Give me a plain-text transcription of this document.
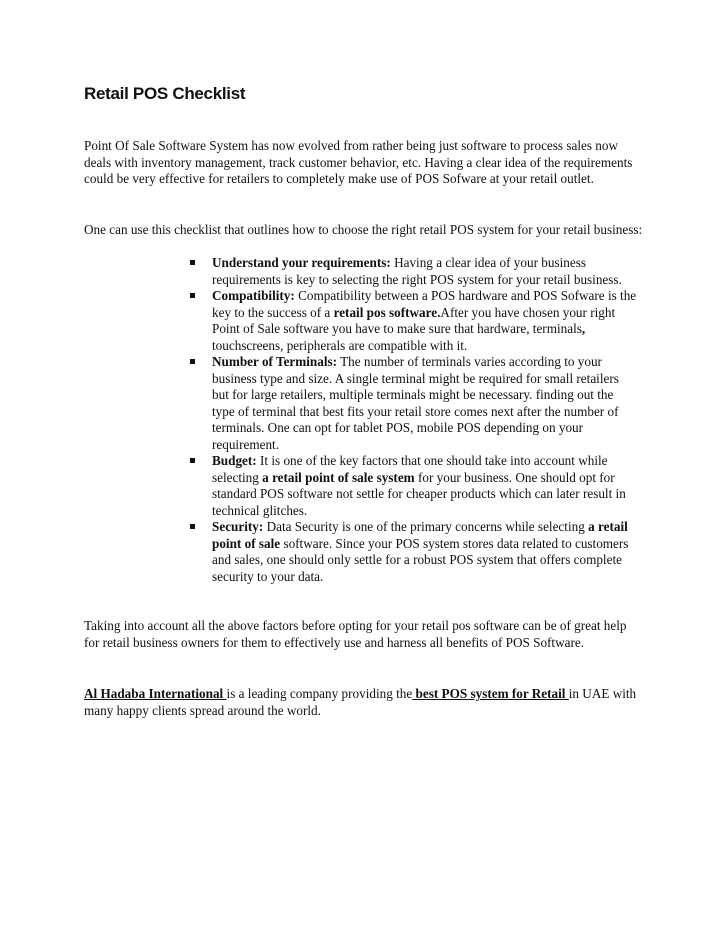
Retail POS Checklist
Point Of Sale Software System has now evolved from rather being just software to process sales now deals with inventory management, track customer behavior, etc. Having a clear idea of the requirements could be very effective for retailers to completely make use of POS Sofware at your retail outlet.
One can use this checklist that outlines how to choose the right retail POS system for your retail business:
Understand your requirements: Having a clear idea of your business requirements is key to selecting the right POS system for your retail business.
Compatibility: Compatibility between a POS hardware and POS Sofware is the key to the success of a retail pos software.After you have chosen your right Point of Sale software you have to make sure that hardware, terminals, touchscreens, peripherals are compatible with it.
Number of Terminals: The number of terminals varies according to your business type and size. A single terminal might be required for small retailers but for large retailers, multiple terminals might be necessary. finding out the type of terminal that best fits your retail store comes next after the number of terminals. One can opt for tablet POS, mobile POS depending on your requirement.
Budget: It is one of the key factors that one should take into account while selecting a retail point of sale system for your business. One should opt for standard POS software not settle for cheaper products which can later result in technical glitches.
Security: Data Security is one of the primary concerns while selecting a retail point of sale software. Since your POS system stores data related to customers and sales, one should only settle for a robust POS system that offers complete security to your data.
Taking into account all the above factors before opting for your retail pos software can be of great help for retail business owners for them to effectively use and harness all benefits of POS Software.
Al Hadaba International is a leading company providing the best POS system for Retail in UAE with many happy clients spread around the world.
